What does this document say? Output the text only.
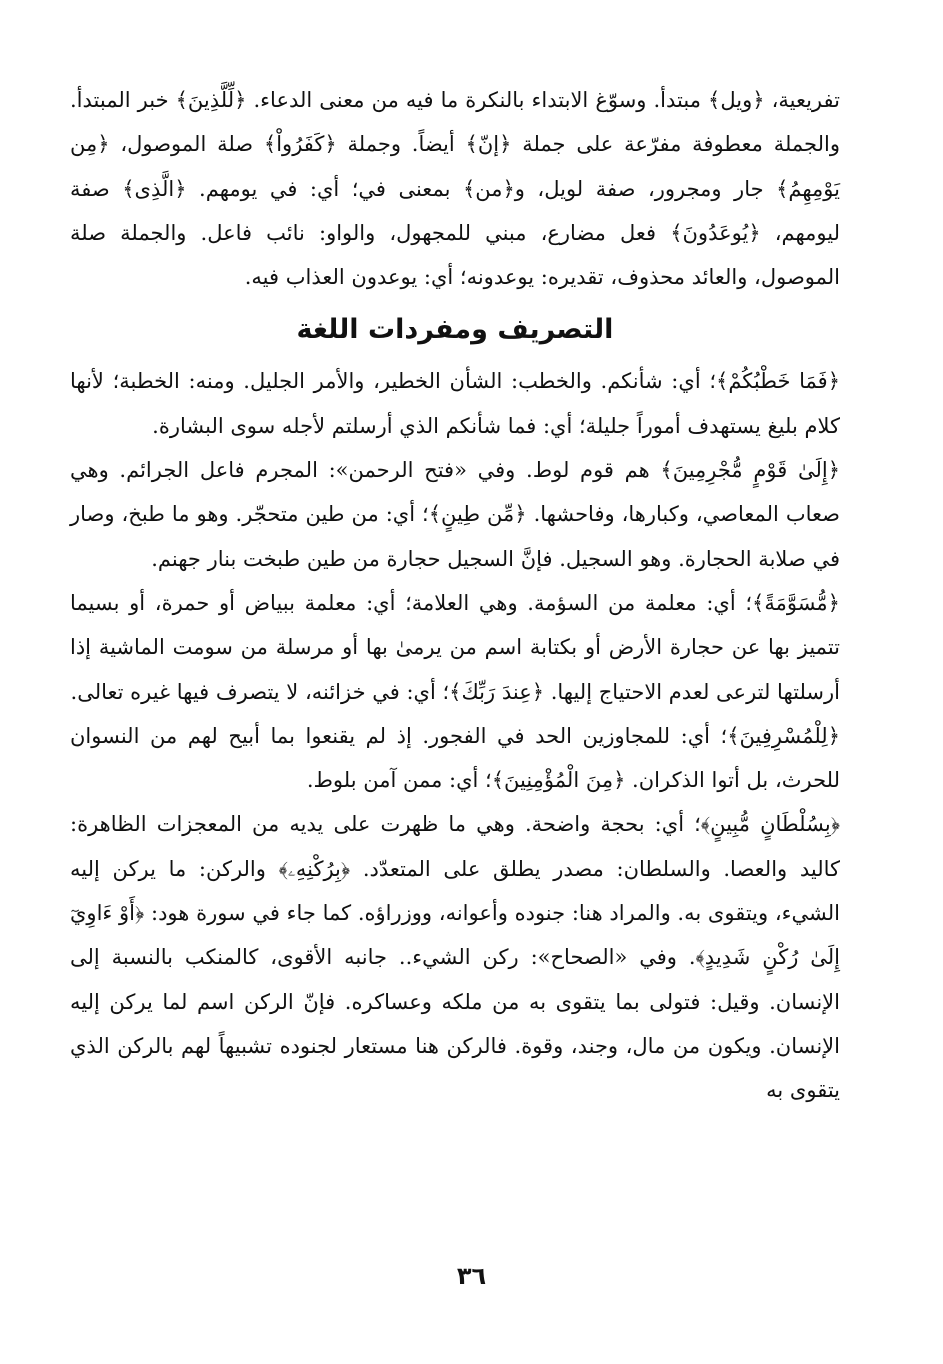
تفريعية، ﴿ويل﴾ مبتدأ. وسوّغ الابتداء بالنكرة ما فيه من معنى الدعاء. ﴿لِّلَّذِينَ﴾ خبر المبتدأ. والجملة معطوفة مفرّعة على جملة ﴿إنّ﴾ أيضاً. وجملة ﴿كَفَرُواْ﴾ صلة الموصول، ﴿مِن يَوْمِهِمُ﴾ جار ومجرور، صفة لويل، و﴿من﴾ بمعنى في؛ أي: في يومهم. ﴿الَّذِى﴾ صفة ليومهم، ﴿يُوعَدُونَ﴾ فعل مضارع، مبني للمجهول، والواو: نائب فاعل. والجملة صلة الموصول، والعائد محذوف، تقديره: يوعدونه؛ أي: يوعدون العذاب فيه.

التصريف ومفردات اللغة

﴿فَمَا خَطْبُكُمْ﴾؛ أي: شأنكم. والخطب: الشأن الخطير، والأمر الجليل. ومنه: الخطبة؛ لأنها كلام بليغ يستهدف أموراً جليلة؛ أي: فما شأنكم الذي أرسلتم لأجله سوى البشارة.

﴿إِلَىٰ قَوْمٍ مُّجْرِمِينَ﴾ هم قوم لوط. وفي «فتح الرحمن»: المجرم فاعل الجرائم. وهي صعاب المعاصي، وكبارها، وفاحشها. ﴿مِّن طِينٍ﴾؛ أي: من طين متحجّر. وهو ما طبخ، وصار في صلابة الحجارة. وهو السجيل. فإنَّ السجيل حجارة من طين طبخت بنار جهنم.

﴿مُّسَوَّمَةً﴾؛ أي: معلمة من السؤمة. وهي العلامة؛ أي: معلمة ببياض أو حمرة، أو بسيما تتميز بها عن حجارة الأرض أو بكتابة اسم من يرمىٰ بها أو مرسلة من سومت الماشية إذا أرسلتها لترعى لعدم الاحتياج إليها. ﴿عِندَ رَبِّكَ﴾؛ أي: في خزائنه، لا يتصرف فيها غيره تعالى.

﴿لِلْمُسْرِفِينَ﴾؛ أي: للمجاوزين الحد في الفجور. إذ لم يقنعوا بما أبيح لهم من النسوان للحرث، بل أتوا الذكران. ﴿مِنَ الْمُؤْمِنِينَ﴾؛ أي: ممن آمن بلوط.

﴿بِسُلْطَانٍ مُّبِينٍ﴾؛ أي: بحجة واضحة. وهي ما ظهرت على يديه من المعجزات الظاهرة: كاليد والعصا. والسلطان: مصدر يطلق على المتعدّد. ﴿بِرُكْنِهِۦ﴾ والركن: ما يركن إليه الشيء، ويتقوى به. والمراد هنا: جنوده وأعوانه، ووزراؤه. كما جاء في سورة هود: ﴿أَوْ ءَاوِيٓ إِلَىٰ رُكْنٍ شَدِيدٍ﴾. وفي «الصحاح»: ركن الشيء.. جانبه الأقوى، كالمنكب بالنسبة إلى الإنسان. وقيل: فتولى بما يتقوى به من ملكه وعساكره. فإنّ الركن اسم لما يركن إليه الإنسان. ويكون من مال، وجند، وقوة. فالركن هنا مستعار لجنوده تشبيهاً لهم بالركن الذي يتقوى به

٣٦
